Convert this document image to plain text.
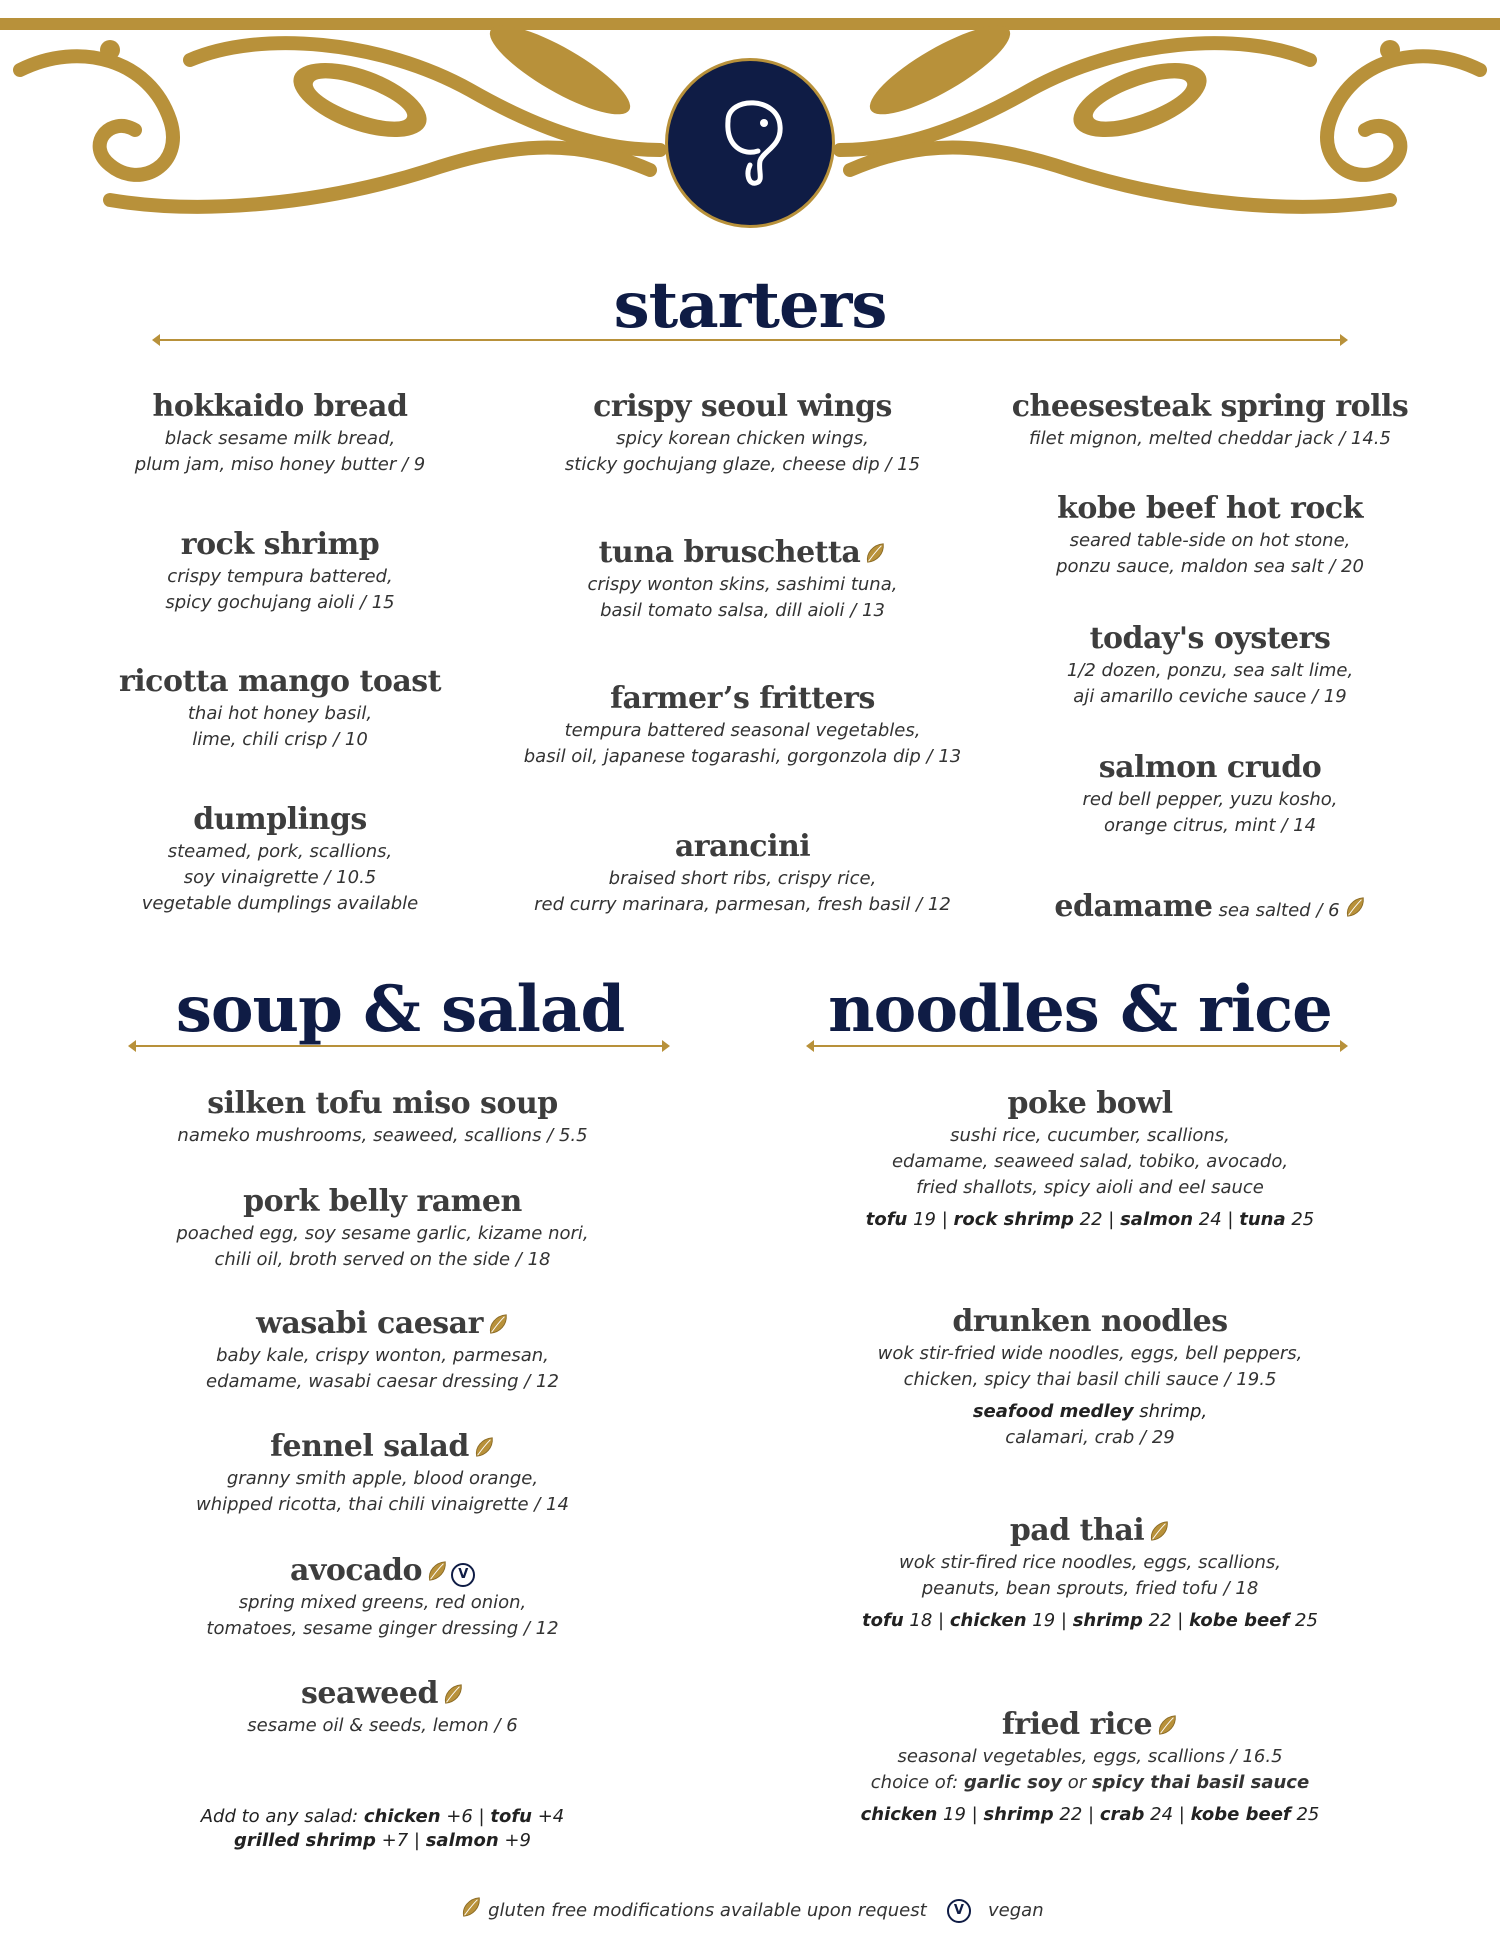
starters
hokkaido bread
black sesame milk bread,
plum jam, miso honey butter / 9
rock shrimp
crispy tempura battered,
spicy gochujang aioli / 15
ricotta mango toast
thai hot honey basil,
lime, chili crisp / 10
dumplings
steamed, pork, scallions,
soy vinaigrette / 10.5
vegetable dumplings available
crispy seoul wings
spicy korean chicken wings,
sticky gochujang glaze, cheese dip / 15
tuna bruschetta
crispy wonton skins, sashimi tuna,
basil tomato salsa, dill aioli / 13
farmer’s fritters
tempura battered seasonal vegetables,
basil oil, japanese togarashi, gorgonzola dip / 13
arancini
braised short ribs, crispy rice,
red curry marinara, parmesan, fresh basil / 12
cheesesteak spring rolls
filet mignon, melted cheddar jack / 14.5
kobe beef hot rock
seared table-side on hot stone,
ponzu sauce, maldon sea salt / 20
today's oysters
1/2 dozen, ponzu, sea salt lime,
aji amarillo ceviche sauce / 19
salmon crudo
red bell pepper, yuzu kosho,
orange citrus, mint / 14
edamame sea salted / 6
soup & salad
silken tofu miso soup
nameko mushrooms, seaweed, scallions / 5.5
pork belly ramen
poached egg, soy sesame garlic, kizame nori,
chili oil, broth served on the side / 18
wasabi caesar
baby kale, crispy wonton, parmesan,
edamame, wasabi caesar dressing / 12
fennel salad
granny smith apple, blood orange,
whipped ricotta, thai chili vinaigrette / 14
avocado	V
spring mixed greens, red onion,
tomatoes, sesame ginger dressing / 12
seaweed
sesame oil & seeds, lemon / 6
Add to any salad: chicken +6 | tofu +4
grilled shrimp +7 | salmon +9
noodles & rice
poke bowl
sushi rice, cucumber, scallions,
edamame, seaweed salad, tobiko, avocado,
fried shallots, spicy aioli and eel sauce
tofu 19 | rock shrimp 22 | salmon 24 | tuna 25
drunken noodles
wok stir-fried wide noodles, eggs, bell peppers,
chicken, spicy thai basil chili sauce / 19.5
seafood medley shrimp,
calamari, crab / 29
pad thai
wok stir-fired rice noodles, eggs, scallions,
peanuts, bean sprouts, fried tofu / 18
tofu 18 | chicken 19 | shrimp 22 | kobe beef 25
fried rice
seasonal vegetables, eggs, scallions / 16.5
choice of: garlic soy or spicy thai basil sauce
chicken 19 | shrimp 22 | crab 24 | kobe beef 25
gluten free modifications available upon request V vegan
